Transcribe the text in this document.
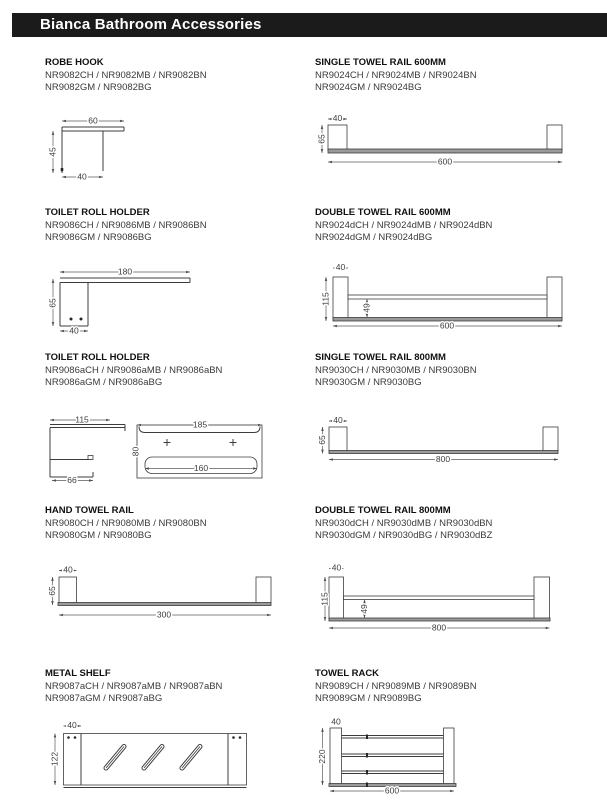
Bianca Bathroom Accessories
ROBE HOOK

NR9082CH / NR9082MB / NR9082BN

NR9082GM / NR9082BG

60
45
40
SINGLE TOWEL RAIL 600MM

NR9024CH / NR9024MB / NR9024BN

NR9024GM / NR9024BG

40
65
600
TOILET ROLL HOLDER

NR9086CH / NR9086MB / NR9086BN

NR9086GM / NR9086BG

180
65
40
DOUBLE TOWEL RAIL 600MM

NR9024dCH / NR9024dMB / NR9024dBN

NR9024dGM / NR9024dBG

40
115
49
600
TOILET ROLL HOLDER

NR9086aCH / NR9086aMB / NR9086aBN

NR9086aGM / NR9086aBG

115
66
185
80
160
SINGLE TOWEL RAIL 800MM

NR9030CH / NR9030MB / NR9030BN

NR9030GM / NR9030BG

40
65
800
HAND TOWEL RAIL

NR9080CH / NR9080MB / NR9080BN

NR9080GM / NR9080BG

40
65
300
DOUBLE TOWEL RAIL 800MM

NR9030dCH / NR9030dMB / NR9030dBN

NR9030dGM / NR9030dBG / NR9030dBZ

40
115
49
800
METAL SHELF

NR9087aCH / NR9087aMB / NR9087aBN

NR9087aGM / NR9087aBG

40
122
TOWEL RACK

NR9089CH / NR9089MB / NR9089BN

NR9089GM / NR9089BG

40
220
600
